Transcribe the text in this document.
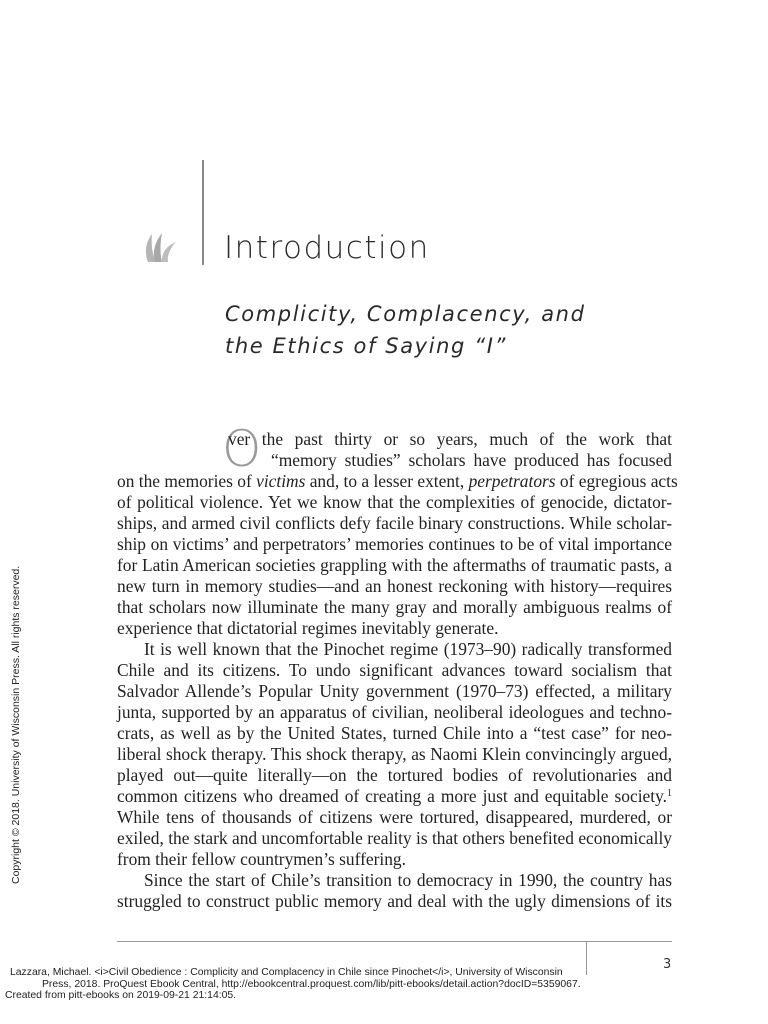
Introduction
Complicity, Complacency, and
the Ethics of Saying “I”
O
ver the past thirty or so years, much of the work that
“memory studies” scholars have produced has focused
on the memories of victims and, to a lesser extent, perpetrators of egregious acts
of political violence. Yet we know that the complexities of genocide, dictator-
ships, and armed civil conflicts defy facile binary constructions. While scholar-
ship on victims’ and perpetrators’ memories continues to be of vital importance
for Latin American societies grappling with the aftermaths of traumatic pasts, a
new turn in memory studies—and an honest reckoning with history—requires
that scholars now illuminate the many gray and morally ambiguous realms of
experience that dictatorial regimes inevitably generate.
It is well known that the Pinochet regime (1973–90) radically transformed
Chile and its citizens. To undo significant advances toward socialism that
Salvador Allende’s Popular Unity government (1970–73) effected, a military
junta, supported by an apparatus of civilian, neoliberal ideologues and techno-
crats, as well as by the United States, turned Chile into a “test case” for neo-
liberal shock therapy. This shock therapy, as Naomi Klein convincingly argued,
played out—quite literally—on the tortured bodies of revolutionaries and
common citizens who dreamed of creating a more just and equitable society.$^1$
While tens of thousands of citizens were tortured, disappeared, murdered, or
exiled, the stark and uncomfortable reality is that others benefited economically
from their fellow countrymen’s suffering.
Since the start of Chile’s transition to democracy in 1990, the country has
struggled to construct public memory and deal with the ugly dimensions of its
Copyright © 2018. University of Wisconsin Press. All rights reserved.
3
Lazzara, Michael. <i>Civil Obedience : Complicity and Complacency in Chile since Pinochet</i>, University of Wisconsin
Press, 2018. ProQuest Ebook Central, http://ebookcentral.proquest.com/lib/pitt-ebooks/detail.action?docID=5359067.
Created from pitt-ebooks on 2019-09-21 21:14:05.
